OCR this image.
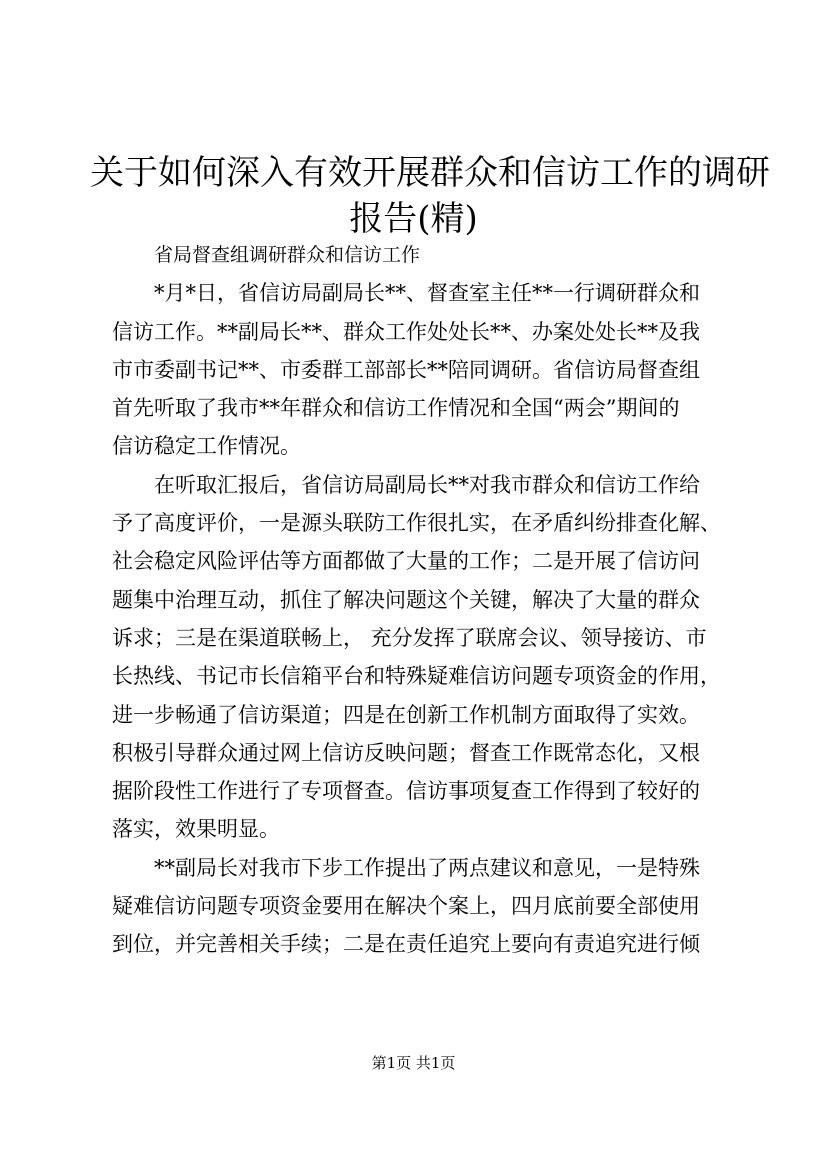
关于如何深入有效开展群众和信访工作的调研
报告(精)
省局督查组调研群众和信访工作
*月*日，省信访局副局长**、督查室主任**一行调研群众和
信访工作。**副局长**、群众工作处处长**、办案处处长**及我
市市委副书记**、市委群工部部长**陪同调研。省信访局督查组
首先听取了我市**年群众和信访工作情况和全国“两会”期间的
信访稳定工作情况。
在听取汇报后，省信访局副局长**对我市群众和信访工作给
予了高度评价，一是源头联防工作很扎实，在矛盾纠纷排查化解、
社会稳定风险评估等方面都做了大量的工作；二是开展了信访问
题集中治理互动，抓住了解决问题这个关键，解决了大量的群众
诉求；三是在渠道联畅上， 充分发挥了联席会议、领导接访、市
长热线、书记市长信箱平台和特殊疑难信访问题专项资金的作用，
进一步畅通了信访渠道；四是在创新工作机制方面取得了实效。
积极引导群众通过网上信访反映问题；督查工作既常态化，又根
据阶段性工作进行了专项督查。信访事项复查工作得到了较好的
落实，效果明显。
**副局长对我市下步工作提出了两点建议和意见，一是特殊
疑难信访问题专项资金要用在解决个案上，四月底前要全部使用
到位，并完善相关手续；二是在责任追究上要向有责追究进行倾
第1页 共1页
